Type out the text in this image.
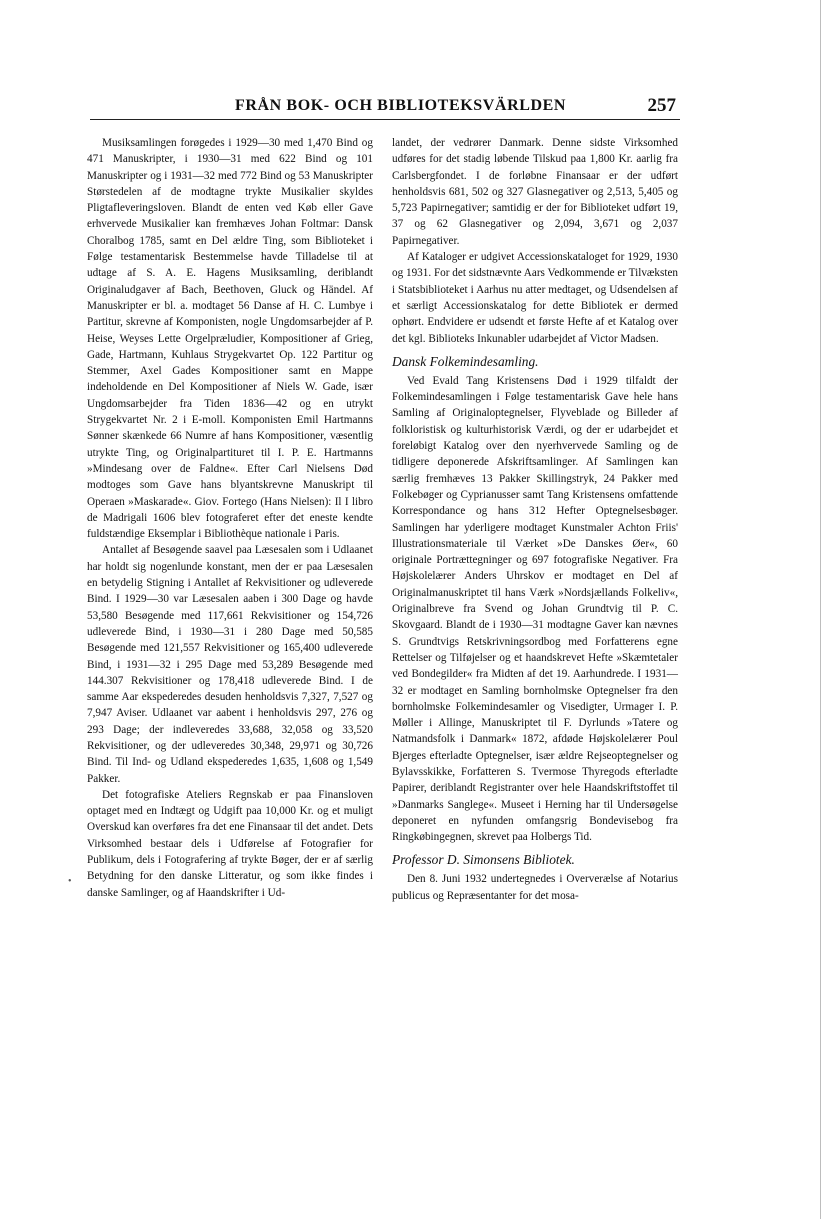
FRÅN BOK- OCH BIBLIOTEKSVÄRLDEN	257
•

Musiksamlingen forøgedes i 1929—30 med 1,470 Bind og 471 Manuskripter, i 1930—31 med 622 Bind og 101 Manuskripter og i 1931—32 med 772 Bind og 53 Manuskripter Størstedelen af de modtagne trykte Musikalier skyldes Pligtafleveringsloven. Blandt de enten ved Køb eller Gave erhvervede Musikalier kan fremhæves Johan Foltmar: Dansk Choralbog 1785, samt en Del ældre Ting, som Biblioteket i Følge testamentarisk Bestemmelse havde Tilladelse til at udtage af S. A. E. Hagens Musiksamling, deriblandt Originaludgaver af Bach, Beethoven, Gluck og Händel. Af Manuskripter er bl. a. modtaget 56 Danse af H. C. Lumbye i Partitur, skrevne af Komponisten, nogle Ungdomsarbejder af P. Heise, Weyses Lette Orgelpræludier, Kompositioner af Grieg, Gade, Hartmann, Kuhlaus Strygekvartet Op. 122 Partitur og Stemmer, Axel Gades Kompositioner samt en Mappe indeholdende en Del Kompositioner af Niels W. Gade, især Ungdomsarbejder fra Tiden 1836—42 og en utrykt Strygekvartet Nr. 2 i E-moll. Komponisten Emil Hartmanns Sønner skænkede 66 Numre af hans Kompositioner, væsentlig utrykte Ting, og Originalpartituret til I. P. E. Hartmanns »Mindesang over de Faldne«. Efter Carl Nielsens Død modtoges som Gave hans blyantskrevne Manuskript til Operaen »Maskarade«. Giov. Fortego (Hans Nielsen): Il I libro de Madrigali 1606 blev fotograferet efter det eneste kendte fuldstændige Eksemplar i Bibliothèque nationale i Paris.

Antallet af Besøgende saavel paa Læsesalen som i Udlaanet har holdt sig nogenlunde konstant, men der er paa Læsesalen en betydelig Stigning i Antallet af Rekvisitioner og udleverede Bind. I 1929—30 var Læsesalen aaben i 300 Dage og havde 53,580 Besøgende med 117,661 Rekvisitioner og 154,726 udleverede Bind, i 1930—31 i 280 Dage med 50,585 Besøgende med 121,557 Rekvisitioner og 165,400 udleverede Bind, i 1931—32 i 295 Dage med 53,289 Besøgende med 144.307 Rekvisitioner og 178,418 udleverede Bind. I de samme Aar ekspederedes desuden henholdsvis 7,327, 7,527 og 7,947 Aviser. Udlaanet var aabent i henholdsvis 297, 276 og 293 Dage; der indleveredes 33,688, 32,058 og 33,520 Rekvisitioner, og der udleveredes 30,348, 29,971 og 30,726 Bind. Til Ind- og Udland ekspederedes 1,635, 1,608 og 1,549 Pakker.

Det fotografiske Ateliers Regnskab er paa Finansloven optaget med en Indtægt og Udgift paa 10,000 Kr. og et muligt Overskud kan overføres fra det ene Finansaar til det andet. Dets Virksomhed bestaar dels i Udførelse af Fotografier for Publikum, dels i Fotografering af trykte Bøger, der er af særlig Betydning for den danske Litteratur, og som ikke findes i danske Samlinger, og af Haandskrifter i Ud-

landet, der vedrører Danmark. Denne sidste Virksomhed udføres for det stadig løbende Tilskud paa 1,800 Kr. aarlig fra Carlsbergfondet. I de forløbne Finansaar er der udført henholdsvis 681, 502 og 327 Glasnegativer og 2,513, 5,405 og 5,723 Papirnegativer; samtidig er der for Biblioteket udført 19, 37 og 62 Glasnegativer og 2,094, 3,671 og 2,037 Papirnegativer.

Af Kataloger er udgivet Accessionskataloget for 1929, 1930 og 1931. For det sidstnævnte Aars Vedkommende er Tilvæksten i Statsbiblioteket i Aarhus nu atter medtaget, og Udsendelsen af et særligt Accessionskatalog for dette Bibliotek er dermed ophørt. Endvidere er udsendt et første Hefte af et Katalog over det kgl. Biblioteks Inkunabler udarbejdet af Victor Madsen.

Dansk Folkemindesamling.

Ved Evald Tang Kristensens Død i 1929 tilfaldt der Folkemindesamlingen i Følge testamentarisk Gave hele hans Samling af Originaloptegnelser, Flyveblade og Billeder af folkloristisk og kulturhistorisk Værdi, og der er udarbejdet et foreløbigt Katalog over den nyerhvervede Samling og de tidligere deponerede Afskriftsamlinger. Af Samlingen kan særlig fremhæves 13 Pakker Skillingstryk, 24 Pakker med Folkebøger og Cyprianusser samt Tang Kristensens omfattende Korrespondance og hans 312 Hefter Optegnelsesbøger. Samlingen har yderligere modtaget Kunstmaler Achton Friis' Illustrationsmateriale til Værket »De Danskes Øer«, 60 originale Portrættegninger og 697 fotografiske Negativer. Fra Højskolelærer Anders Uhrskov er modtaget en Del af Originalmanuskriptet til hans Værk »Nordsjællands Folkeliv«, Originalbreve fra Svend og Johan Grundtvig til P. C. Skovgaard. Blandt de i 1930—31 modtagne Gaver kan nævnes S. Grundtvigs Retskrivningsordbog med Forfatterens egne Rettelser og Tilføjelser og et haandskrevet Hefte »Skæmtetaler ved Bondegilder« fra Midten af det 19. Aarhundrede. I 1931—32 er modtaget en Samling bornholmske Optegnelser fra den bornholmske Folkemindesamler og Visedigter, Urmager I. P. Møller i Allinge, Manuskriptet til F. Dyrlunds »Tatere og Natmandsfolk i Danmark« 1872, afdøde Højskolelærer Poul Bjerges efterladte Optegnelser, især ældre Rejseoptegnelser og Bylavsskikke, Forfatteren S. Tvermose Thyregods efterladte Papirer, deriblandt Registranter over hele Haandskriftstoffet til »Danmarks Sanglege«. Museet i Herning har til Undersøgelse deponeret en nyfunden omfangsrig Bondevisebog fra Ringkøbingegnen, skrevet paa Holbergs Tid.

Professor D. Simonsens Bibliotek.

Den 8. Juni 1932 undertegnedes i Oververælse af Notarius publicus og Repræsentanter for det mosa-
